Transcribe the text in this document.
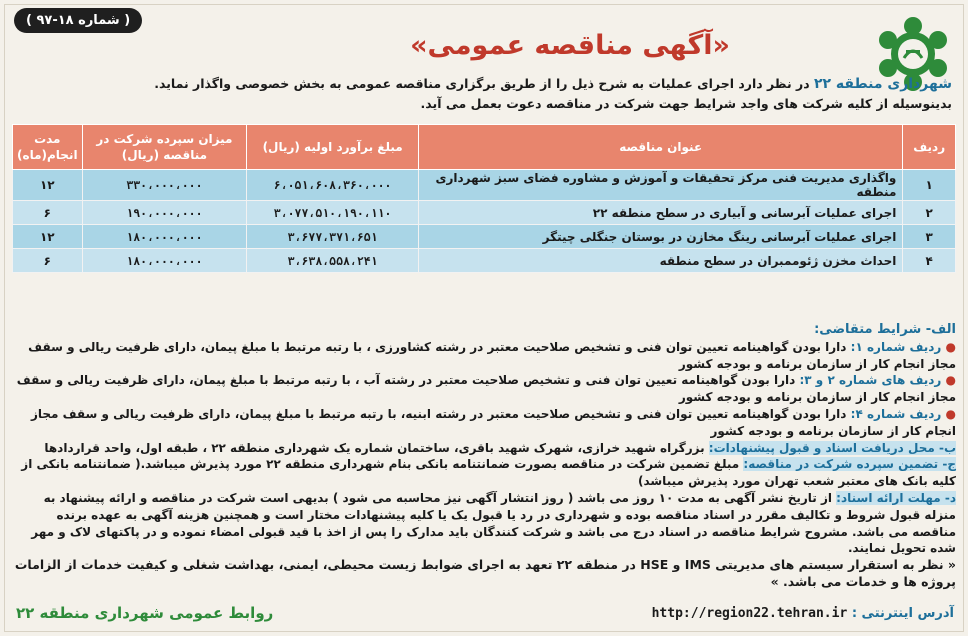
( شماره ۱۸-۹۷ )
«آگهی مناقصه عمومی»

شهرداری منطقه ۲۲ در نظر دارد اجرای عملیات به شرح ذیل را از طریق برگزاری مناقصه عمومی به بخش خصوصی واگذار نماید.

بدینوسیله از کلیه شرکت های واجد شرایط جهت شرکت در مناقصه دعوت بعمل می آید.

ردیف	عنوان مناقصه	مبلغ برآورد اولیه (ریال)	میزان سپرده شرکت در مناقصه (ریال)	مدت انجام(ماه)
۱	واگذاری مدیریت فنی مرکز تحقیقات و آموزش و مشاوره فضای سبز شهرداری منطقه	۶،۰۵۱،۶۰۸،۳۶۰،۰۰۰	۳۳۰،۰۰۰،۰۰۰	۱۲
۲	اجرای عملیات آبرسانی و آبیاری در سطح منطقه ۲۲	۳،۰۷۷،۵۱۰،۱۹۰،۱۱۰	۱۹۰،۰۰۰،۰۰۰	۶
۳	اجرای عملیات آبرسانی رینگ مخازن در بوستان جنگلی چیتگر	۳،۶۷۷،۳۷۱،۶۵۱	۱۸۰،۰۰۰،۰۰۰	۱۲
۴	احداث مخزن ژئوممبران در سطح منطقه	۳،۶۳۸،۵۵۸،۲۴۱	۱۸۰،۰۰۰،۰۰۰	۶

الف- شرایط متقاضی:

● ردیف شماره ۱: دارا بودن گواهینامه تعیین توان فنی و تشخیص صلاحیت معتبر در رشته کشاورزی ، با رتبه مرتبط با مبلغ پیمان، دارای ظرفیت ریالی و سقف مجاز انجام کار از سازمان برنامه و بودجه کشور

● ردیف های شماره ۲ و ۳: دارا بودن گواهینامه تعیین توان فنی و تشخیص صلاحیت معتبر در رشته آب ، با رتبه مرتبط با مبلغ پیمان، دارای ظرفیت ریالی و سقف مجاز انجام کار از سازمان برنامه و بودجه کشور

● ردیف شماره ۴: دارا بودن گواهینامه تعیین توان فنی و تشخیص صلاحیت معتبر در رشته ابنیه، با رتبه مرتبط با مبلغ پیمان، دارای ظرفیت ریالی و سقف مجاز انجام کار از سازمان برنامه و بودجه کشور

ب- محل دریافت اسناد و قبول پیشنهادات: بزرگراه شهید خرازی، شهرک شهید باقری، ساختمان شماره یک شهرداری منطقه ۲۲ ، طبقه اول، واحد قراردادها

ج- تضمین سپرده شرکت در مناقصه: مبلغ تضمین شرکت در مناقصه بصورت ضمانتنامه بانکی بنام شهرداری منطقه ۲۲ مورد پذیرش میباشد.( ضمانتنامه بانکی از کلیه بانک های معتبر شعب تهران مورد پذیرش میباشد)

د- مهلت ارائه اسناد: از تاریخ نشر آگهی به مدت ۱۰ روز می باشد ( روز انتشار آگهی نیز محاسبه می شود ) بدیهی است شرکت در مناقصه و ارائه پیشنهاد به منزله قبول شروط و تکالیف مقرر در اسناد مناقصه بوده و شهرداری در رد یا قبول یک یا کلیه پیشنهادات مختار است و همچنین هزینه آگهی به عهده برنده مناقصه می باشد. مشروح شرایط مناقصه در اسناد درج می باشد و شرکت کنندگان باید مدارک را پس از اخذ با قید قبولی امضاء نموده و در پاکتهای لاک و مهر شده تحویل نمایند.

« نظر به استقرار سیستم های مدیریتی IMS و HSE در منطقه ۲۲ تعهد به اجرای ضوابط زیست محیطی، ایمنی، بهداشت شغلی و کیفیت خدمات از الزامات پروژه ها و خدمات می باشد. »

آدرس اینترنتی : http://region22.tehran.ir
روابط عمومی شهرداری منطقه ۲۲
